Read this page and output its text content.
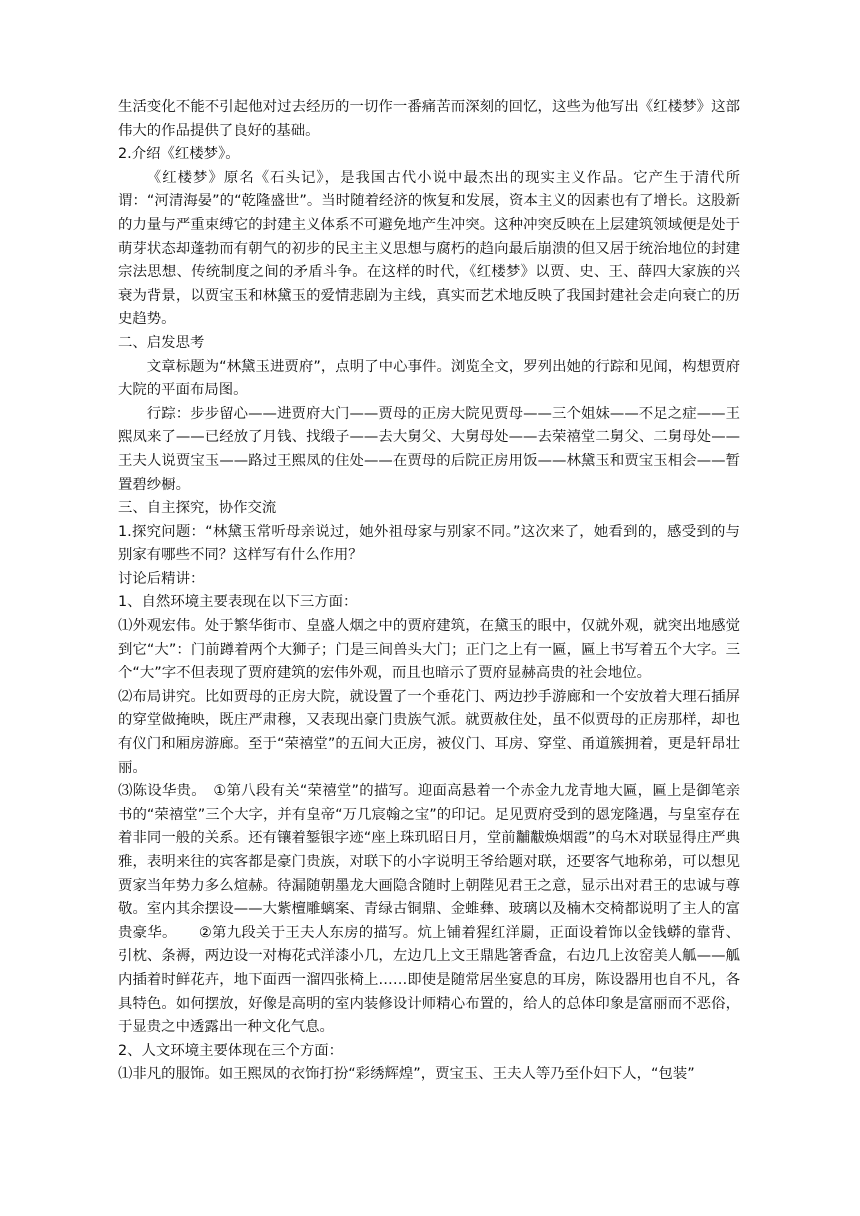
生活变化不能不引起他对过去经历的一切作一番痛苦而深刻的回忆，这些为他写出《红楼梦》这部伟大的作品提供了良好的基础。

2.介绍《红楼梦》。

《红楼梦》原名《石头记》，是我国古代小说中最杰出的现实主义作品。它产生于清代所谓：“河清海晏”的“乾隆盛世”。当时随着经济的恢复和发展，资本主义的因素也有了增长。这股新的力量与严重束缚它的封建主义体系不可避免地产生冲突。这种冲突反映在上层建筑领域便是处于萌芽状态却蓬勃而有朝气的初步的民主主义思想与腐朽的趋向最后崩溃的但又居于统治地位的封建宗法思想、传统制度之间的矛盾斗争。在这样的时代，《红楼梦》以贾、史、王、薛四大家族的兴衰为背景，以贾宝玉和林黛玉的爱情悲剧为主线，真实而艺术地反映了我国封建社会走向衰亡的历史趋势。

二、启发思考

文章标题为“林黛玉进贾府”，点明了中心事件。浏览全文，罗列出她的行踪和见闻，构想贾府大院的平面布局图。

行踪：步步留心——进贾府大门——贾母的正房大院见贾母——三个姐妹——不足之症——王熙凤来了——已经放了月钱、找缎子——去大舅父、大舅母处——去荣禧堂二舅父、二舅母处——王夫人说贾宝玉——路过王熙凤的住处——在贾母的后院正房用饭——林黛玉和贾宝玉相会——暂置碧纱橱。

三、自主探究，协作交流

1.探究问题：“林黛玉常听母亲说过，她外祖母家与别家不同。”这次来了，她看到的，感受到的与别家有哪些不同？这样写有什么作用？

讨论后精讲：

1、自然环境主要表现在以下三方面：

⑴外观宏伟。处于繁华街市、皇盛人烟之中的贾府建筑，在黛玉的眼中，仅就外观，就突出地感觉到它“大”：门前蹲着两个大狮子；门是三间兽头大门；正门之上有一匾，匾上书写着五个大字。三个“大”字不但表现了贾府建筑的宏伟外观，而且也暗示了贾府显赫高贵的社会地位。

⑵布局讲究。比如贾母的正房大院，就设置了一个垂花门、两边抄手游廊和一个安放着大理石插屏的穿堂做掩映，既庄严肃穆，又表现出豪门贵族气派。就贾赦住处，虽不似贾母的正房那样，却也有仪门和厢房游廊。至于“荣禧堂”的五间大正房，被仪门、耳房、穿堂、甬道簇拥着，更是轩昂壮丽。

⑶陈设华贵。　①第八段有关“荣禧堂”的描写。迎面高悬着一个赤金九龙青地大匾，匾上是御笔亲书的“荣禧堂”三个大字，并有皇帝“万几宸翰之宝”的印记。足见贾府受到的恩宠隆遇，与皇室存在着非同一般的关系。还有镶着錾银字迹“座上珠玑昭日月，堂前黼黻焕烟霞”的乌木对联显得庄严典雅，表明来往的宾客都是豪门贵族，对联下的小字说明王爷给题对联，还要客气地称弟，可以想见贾家当年势力多么煊赫。待漏随朝墨龙大画隐含随时上朝陛见君王之意，显示出对君王的忠诚与尊敬。室内其余摆设——大紫檀雕螭案、青绿古铜鼎、金蜼彝、玻璃以及楠木交椅都说明了主人的富贵豪华。　　②第九段关于王夫人东房的描写。炕上铺着猩红洋罽，正面设着饰以金钱蟒的靠背、引枕、条褥，两边设一对梅花式洋漆小几，左边几上文王鼎匙箸香盒，右边几上汝窑美人觚——觚内插着时鲜花卉，地下面西一溜四张椅上……即使是随常居坐宴息的耳房，陈设器用也自不凡，各具特色。如何摆放，好像是高明的室内装修设计师精心布置的，给人的总体印象是富丽而不恶俗，于显贵之中透露出一种文化气息。

2、人文环境主要体现在三个方面：

⑴非凡的服饰。如王熙凤的衣饰打扮“彩绣辉煌”，贾宝玉、王夫人等乃至仆妇下人，“包装”
